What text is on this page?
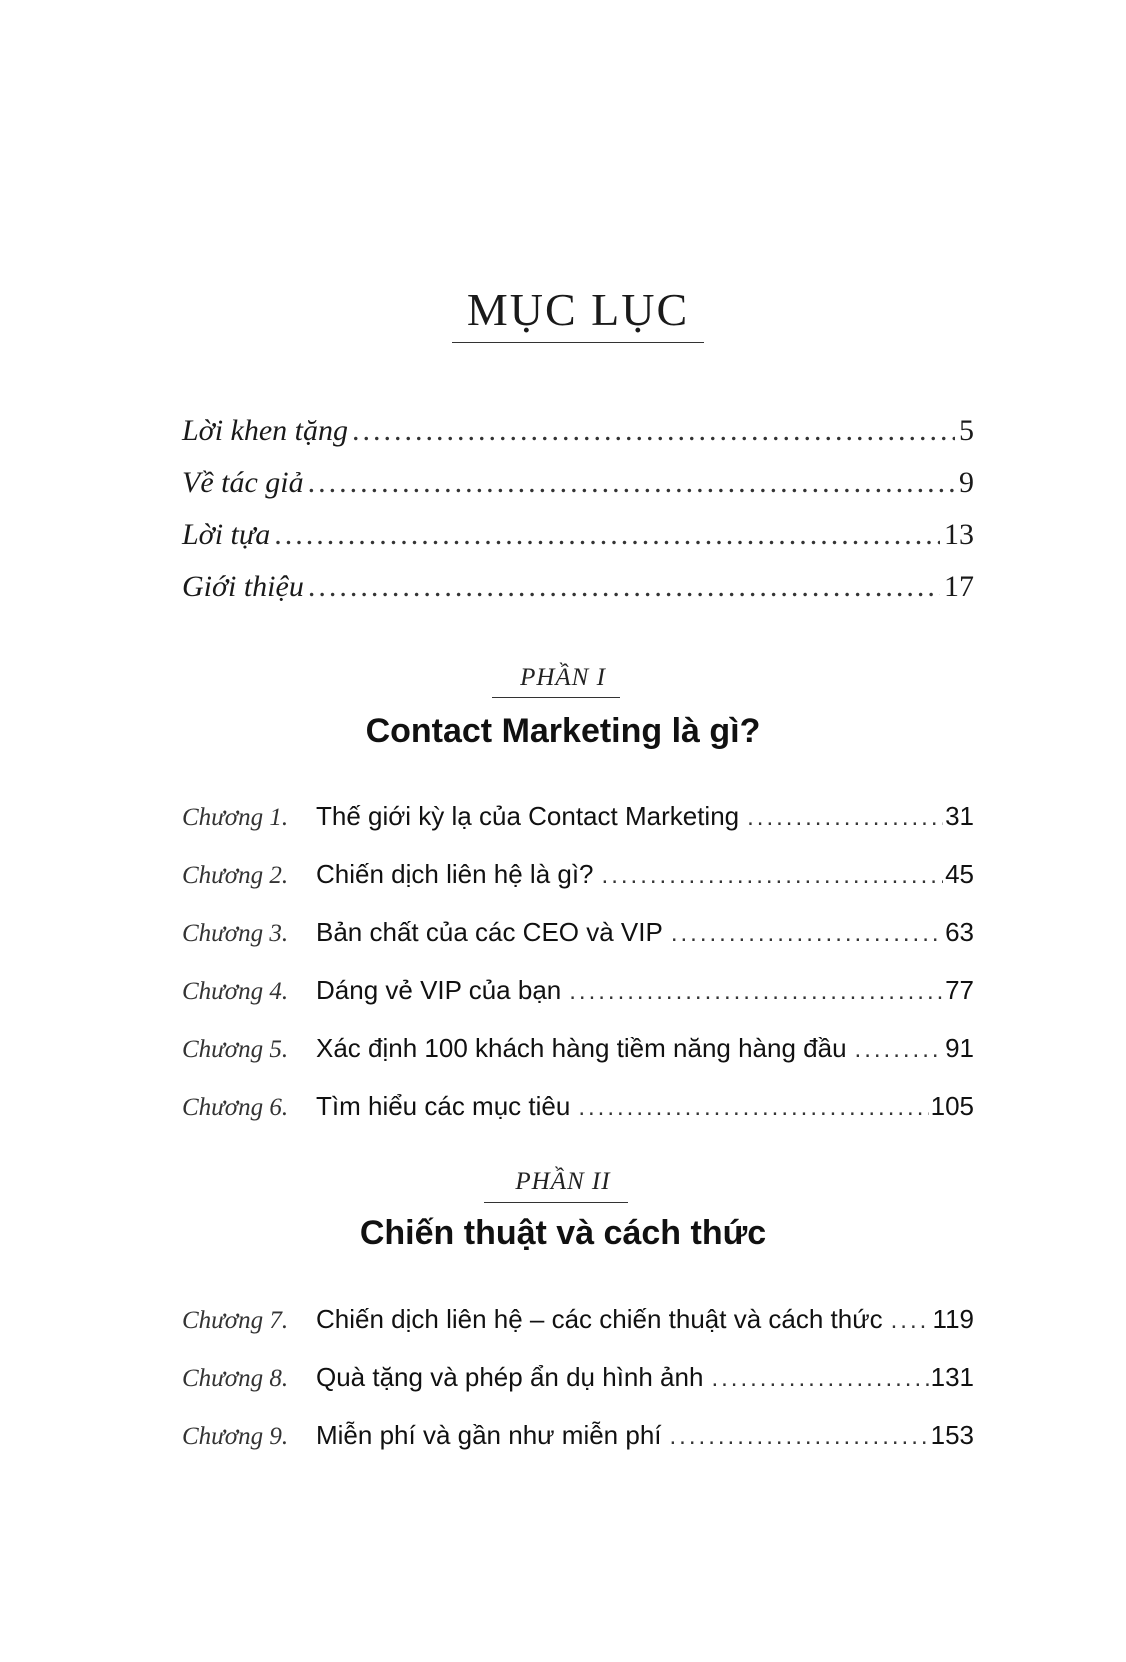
MỤC LỤC
Lời khen tặng .....	5
Về tác giả .....	9
Lời tựa .....	13
Giới thiệu .....	17
PHẦN I
Contact Marketing là gì?
Chương 1.	Thế giới kỳ lạ của Contact Marketing .....	31
Chương 2.	Chiến dịch liên hệ là gì? .....	45
Chương 3.	Bản chất của các CEO và VIP .....	63
Chương 4.	Dáng vẻ VIP của bạn .....	77
Chương 5.	Xác định 100 khách hàng tiềm năng hàng đầu .....	91
Chương 6.	Tìm hiểu các mục tiêu .....	105
PHẦN II
Chiến thuật và cách thức
Chương 7.	Chiến dịch liên hệ – các chiến thuật và cách thức ..... 119
Chương 8.	Quà tặng và phép ẩn dụ hình ảnh .....	131
Chương 9.	Miễn phí và gần như miễn phí .....	153
